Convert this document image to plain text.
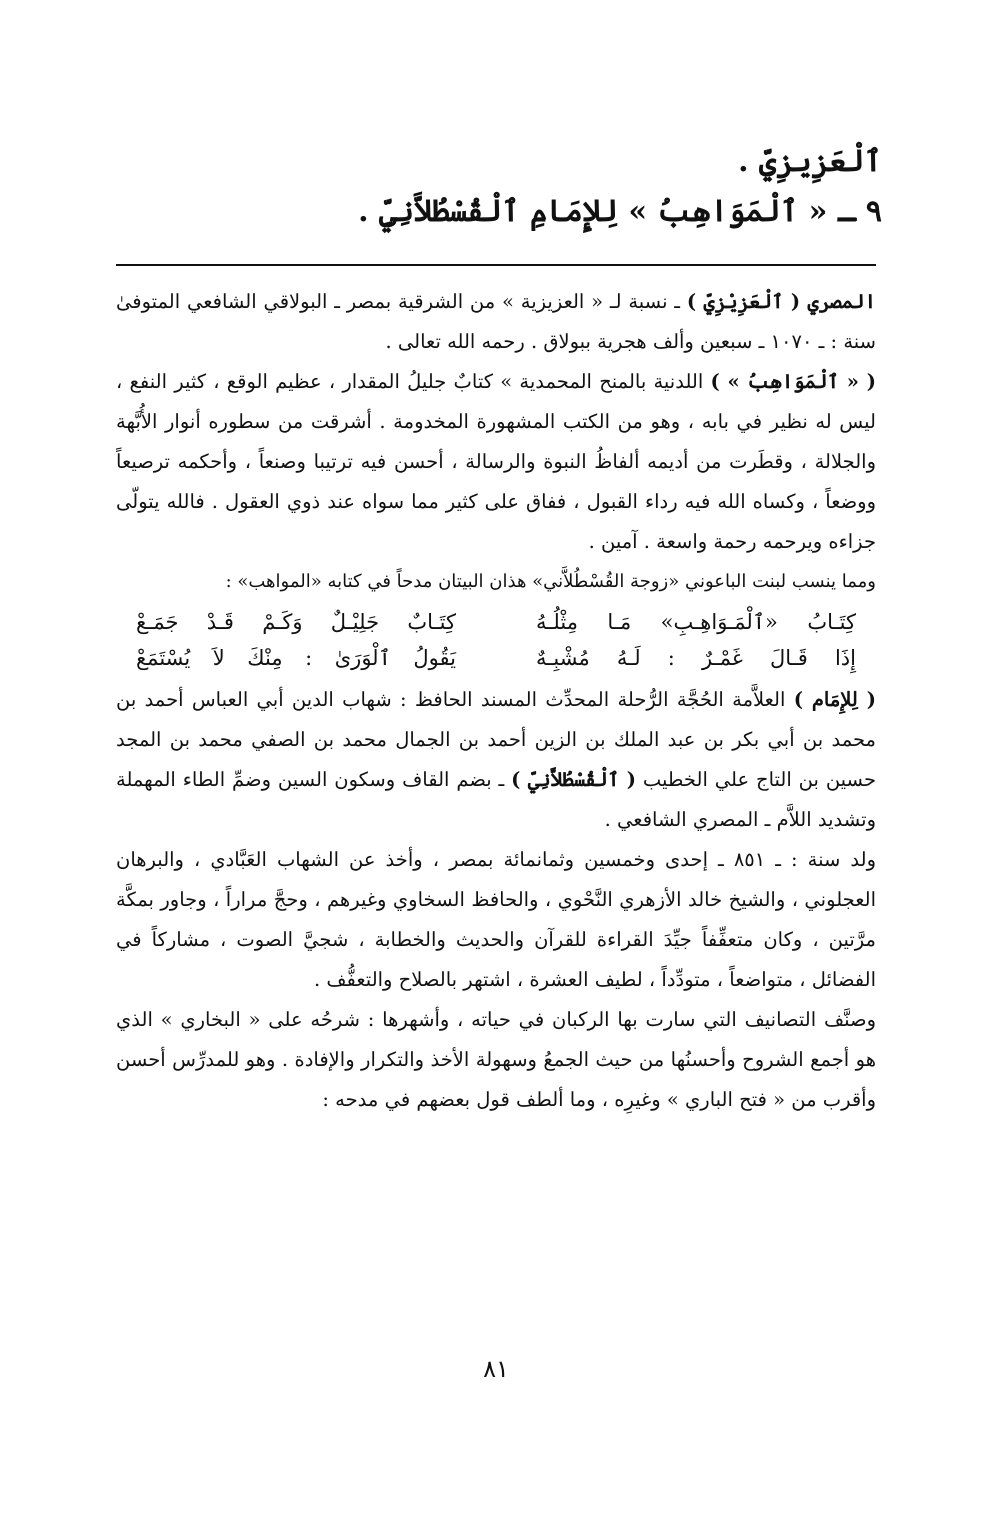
ٱلْعَزِيزِيِّ .
٩ ـ « ٱلْمَوَاهِبُ » لِلإِمَامِ ٱلْقُسْطُلاَّنِيِّ .

المصري ( ٱلْعَزِيْزِيّ ) ـ نسبة لـ « العزيزية » من الشرقية بمصر ـ البولاقي الشافعي المتوفىٰ سنة : ـ ١٠٧٠ ـ سبعين وألف هجرية ببولاق . رحمه الله تعالى .

( « ٱلْمَوَاهِبُ » ) اللدنية بالمنح المحمدية » كتابٌ جليلُ المقدار ، عظيم الوقع ، كثير النفع ، ليس له نظير في بابه ، وهو من الكتب المشهورة المخدومة . أشرقت من سطوره أنوار الأُبَّهة والجلالة ، وقطَرت من أديمه ألفاظُ النبوة والرسالة ، أحسن فيه ترتيبا وصنعاً ، وأحكمه ترصيعاً ووضعاً ، وكساه الله فيه رداء القبول ، ففاق على كثير مما سواه عند ذوي العقول . فالله يتولّى جزاءه ويرحمه رحمة واسعة . آمين .

ومما ينسب لبنت الباعوني «زوجة القُسْطُلاَّني» هذان البيتان مدحاً في كتابه «المواهب» :

كِتَـابُ «ٱلْمَـوَاهِـبِ» مَـا مِثْلُـهُ
كِتَـابٌ جَلِيْـلٌ وَكَـمْ قَـدْ جَمَـعْ
إِذَا قَـالَ غَمْـرٌ : لَـهُ مُشْبِـهٌ
يَقُولُ ٱلْوَرَىٰ : مِنْكَ لاَ يُسْتَمَعْ

( لِلإِمَام ) العلاَّمة الحُجَّة الرُّحلة المحدِّث المسند الحافظ : شهاب الدين أبي العباس أحمد بن محمد بن أبي بكر بن عبد الملك بن الزين أحمد بن الجمال محمد بن الصفي محمد بن المجد حسين بن التاج علي الخطيب ( ٱلْقُسْطُلاَّنِيّ ) ـ بضم القاف وسكون السين وضمِّ الطاء المهملة وتشديد اللاَّم ـ المصري الشافعي .

ولد سنة : ـ ٨٥١ ـ إحدى وخمسين وثمانمائة بمصر ، وأخذ عن الشهاب العَبَّادي ، والبرهان العجلوني ، والشيخ خالد الأزهري النَّحْوي ، والحافظ السخاوي وغيرهم ، وحجَّ مراراً ، وجاور بمكَّة مرَّتين ، وكان متعفِّفاً جيِّدَ القراءة للقرآن والحديث والخطابة ، شجيَّ الصوت ، مشاركاً في الفضائل ، متواضعاً ، متودِّداً ، لطيف العشرة ، اشتهر بالصلاح والتعفُّف .

وصنَّف التصانيف التي سارت بها الركبان في حياته ، وأشهرها : شرحُه على « البخاري » الذي هو أجمع الشروح وأحسنُها من حيث الجمعُ وسهولة الأخذ والتكرار والإفادة . وهو للمدرِّس أحسن وأقرب من « فتح الباري » وغيرِه ، وما ألطف قول بعضهم في مدحه :

٨١
